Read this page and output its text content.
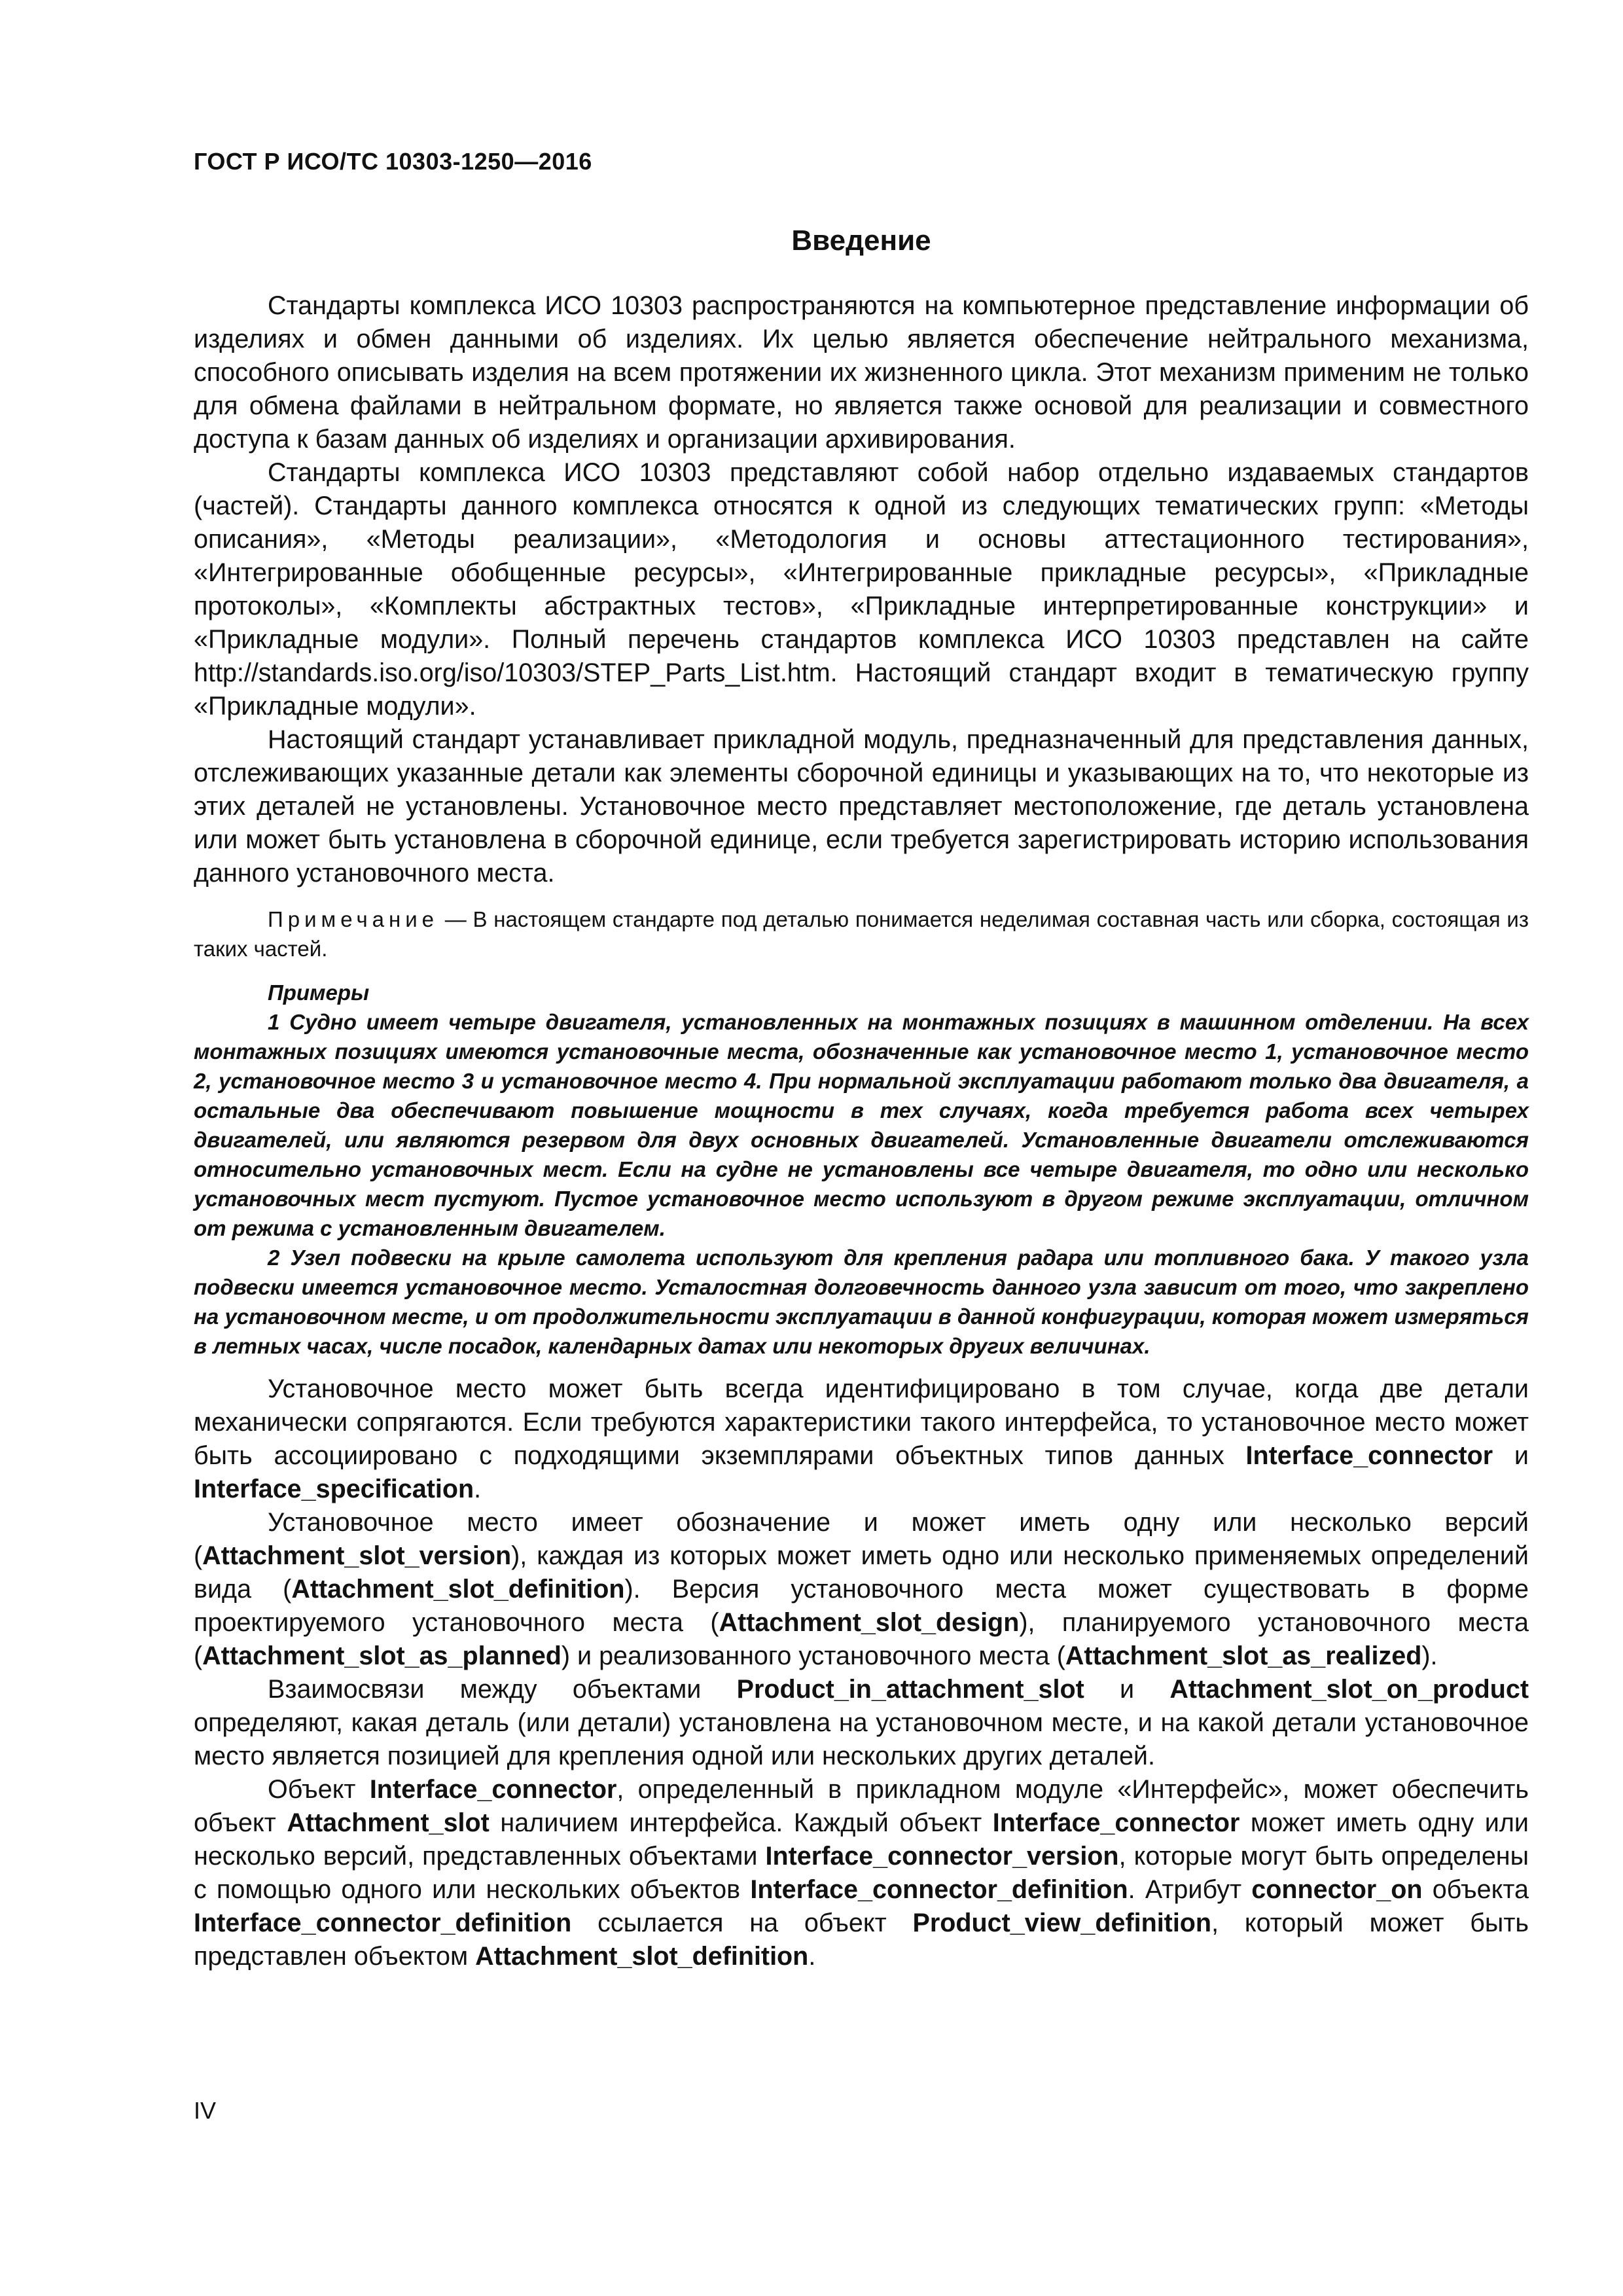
ГОСТ Р ИСО/ТС 10303-1250—2016
Введение

Стандарты комплекса ИСО 10303 распространяются на компьютерное представление информации об изделиях и обмен данными об изделиях. Их целью является обеспечение нейтрального механизма, способного описывать изделия на всем протяжении их жизненного цикла. Этот механизм применим не только для обмена файлами в нейтральном формате, но является также основой для реализации и совместного доступа к базам данных об изделиях и организации архивирования.

Стандарты комплекса ИСО 10303 представляют собой набор отдельно издаваемых стандартов (частей). Стандарты данного комплекса относятся к одной из следующих тематических групп: «Методы описания», «Методы реализации», «Методология и основы аттестационного тестирования», «Интегрированные обобщенные ресурсы», «Интегрированные прикладные ресурсы», «Прикладные протоколы», «Комплекты абстрактных тестов», «Прикладные интерпретированные конструкции» и «Прикладные модули». Полный перечень стандартов комплекса ИСО 10303 представлен на сайте http://standards.iso.org/iso/10303/STEP_Parts_List.htm. Настоящий стандарт входит в тематическую группу «Прикладные модули».

Настоящий стандарт устанавливает прикладной модуль, предназначенный для представления данных, отслеживающих указанные детали как элементы сборочной единицы и указывающих на то, что некоторые из этих деталей не установлены. Установочное место представляет местоположение, где деталь установлена или может быть установлена в сборочной единице, если требуется зарегистрировать историю использования данного установочного места.

Примечание — В настоящем стандарте под деталью понимается неделимая составная часть или сборка, состоящая из таких частей.

Примеры

1 Судно имеет четыре двигателя, установленных на монтажных позициях в машинном отделении. На всех монтажных позициях имеются установочные места, обозначенные как установочное место 1, установочное место 2, установочное место 3 и установочное место 4. При нормальной эксплуатации работают только два двигателя, а остальные два обеспечивают повышение мощности в тех случаях, когда требуется работа всех четырех двигателей, или являются резервом для двух основных двигателей. Установленные двигатели отслеживаются относительно установочных мест. Если на судне не установлены все четыре двигателя, то одно или несколько установочных мест пустуют. Пустое установочное место используют в другом режиме эксплуатации, отличном от режима с установленным двигателем.

2 Узел подвески на крыле самолета используют для крепления радара или топливного бака. У такого узла подвески имеется установочное место. Усталостная долговечность данного узла зависит от того, что закреплено на установочном месте, и от продолжительности эксплуатации в данной конфигурации, которая может измеряться в летных часах, числе посадок, календарных датах или некоторых других величинах.

Установочное место может быть всегда идентифицировано в том случае, когда две детали механически сопрягаются. Если требуются характеристики такого интерфейса, то установочное место может быть ассоциировано с подходящими экземплярами объектных типов данных Interface_connector и Interface_specification.

Установочное место имеет обозначение и может иметь одну или несколько версий (Attachment_slot_version), каждая из которых может иметь одно или несколько применяемых определений вида (Attachment_slot_definition). Версия установочного места может существовать в форме проектируемого установочного места (Attachment_slot_design), планируемого установочного места (Attachment_slot_as_planned) и реализованного установочного места (Attachment_slot_as_realized).

Взаимосвязи между объектами Product_in_attachment_slot и Attachment_slot_on_product определяют, какая деталь (или детали) установлена на установочном месте, и на какой детали установочное место является позицией для крепления одной или нескольких других деталей.

Объект Interface_connector, определенный в прикладном модуле «Интерфейс», может обеспечить объект Attachment_slot наличием интерфейса. Каждый объект Interface_connector может иметь одну или несколько версий, представленных объектами Interface_connector_version, которые могут быть определены с помощью одного или нескольких объектов Interface_connector_definition. Атрибут connector_on объекта Interface_connector_definition ссылается на объект Product_view_definition, который может быть представлен объектом Attachment_slot_definition.

IV
